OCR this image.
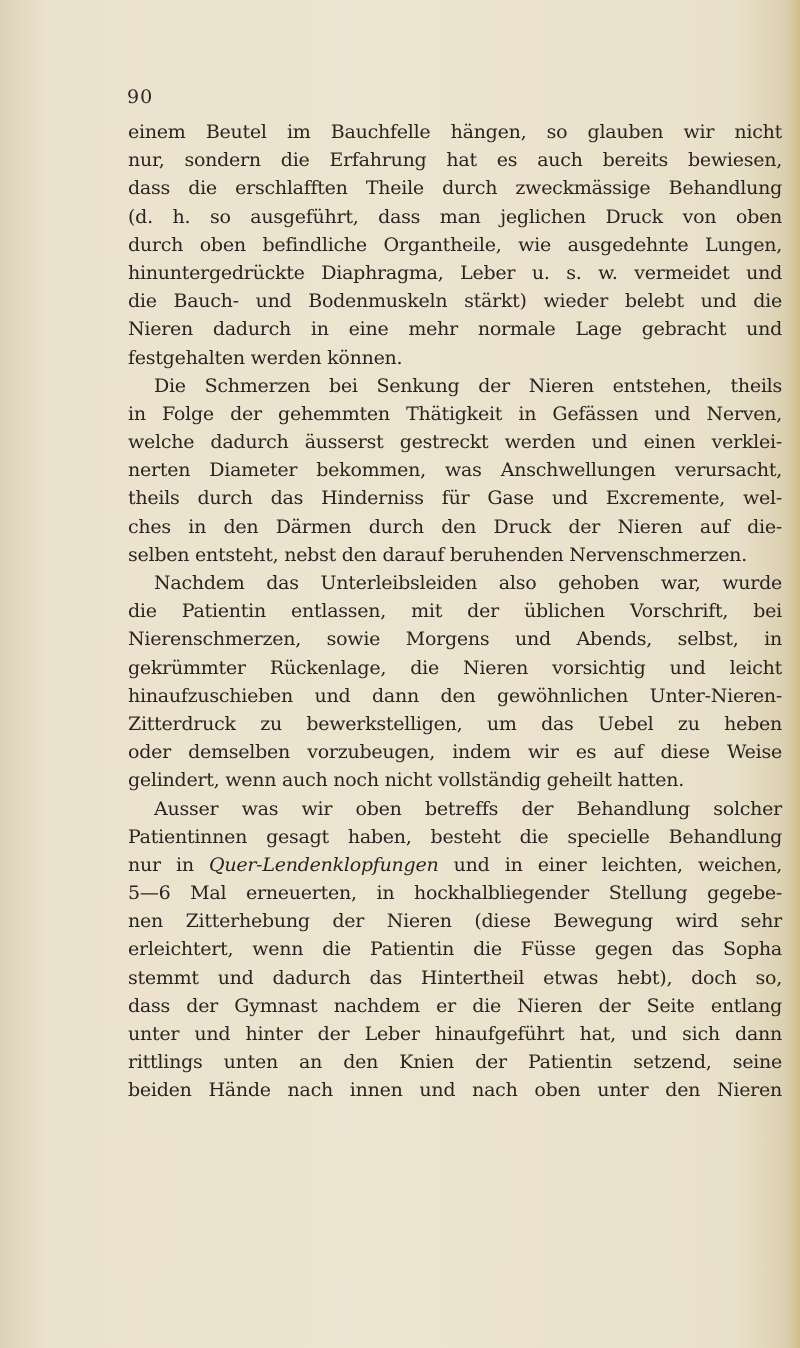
90
einem Beutel im Bauchfelle hängen, so glauben wir nicht
nur, sondern die Erfahrung hat es auch bereits bewiesen,
dass die erschlafften Theile durch zweckmässige Behandlung
(d. h. so ausgeführt, dass man jeglichen Druck von oben
durch oben befindliche Organtheile, wie ausgedehnte Lungen,
hinuntergedrückte Diaphragma, Leber u. s. w. vermeidet und
die Bauch- und Bodenmuskeln stärkt) wieder belebt und die
Nieren dadurch in eine mehr normale Lage gebracht und
festgehalten werden können.
Die Schmerzen bei Senkung der Nieren entstehen, theils
in Folge der gehemmten Thätigkeit in Gefässen und Nerven,
welche dadurch äusserst gestreckt werden und einen verklei-
nerten Diameter bekommen, was Anschwellungen verursacht,
theils durch das Hinderniss für Gase und Excremente, wel-
ches in den Därmen durch den Druck der Nieren auf die-
selben entsteht, nebst den darauf beruhenden Nervenschmerzen.
Nachdem das Unterleibsleiden also gehoben war, wurde
die Patientin entlassen, mit der üblichen Vorschrift, bei
Nierenschmerzen, sowie Morgens und Abends, selbst, in
gekrümmter Rückenlage, die Nieren vorsichtig und leicht
hinaufzuschieben und dann den gewöhnlichen Unter-Nieren-
Zitterdruck zu bewerkstelligen, um das Uebel zu heben
oder demselben vorzubeugen, indem wir es auf diese Weise
gelindert, wenn auch noch nicht vollständig geheilt hatten.
Ausser was wir oben betreffs der Behandlung solcher
Patientinnen gesagt haben, besteht die specielle Behandlung
nur in Quer-Lendenklopfungen und in einer leichten, weichen,
5—6 Mal erneuerten, in hockhalbliegender Stellung gegebe-
nen Zitterhebung der Nieren (diese Bewegung wird sehr
erleichtert, wenn die Patientin die Füsse gegen das Sopha
stemmt und dadurch das Hintertheil etwas hebt), doch so,
dass der Gymnast nachdem er die Nieren der Seite entlang
unter und hinter der Leber hinaufgeführt hat, und sich dann
rittlings unten an den Knien der Patientin setzend, seine
beiden Hände nach innen und nach oben unter den Nieren
